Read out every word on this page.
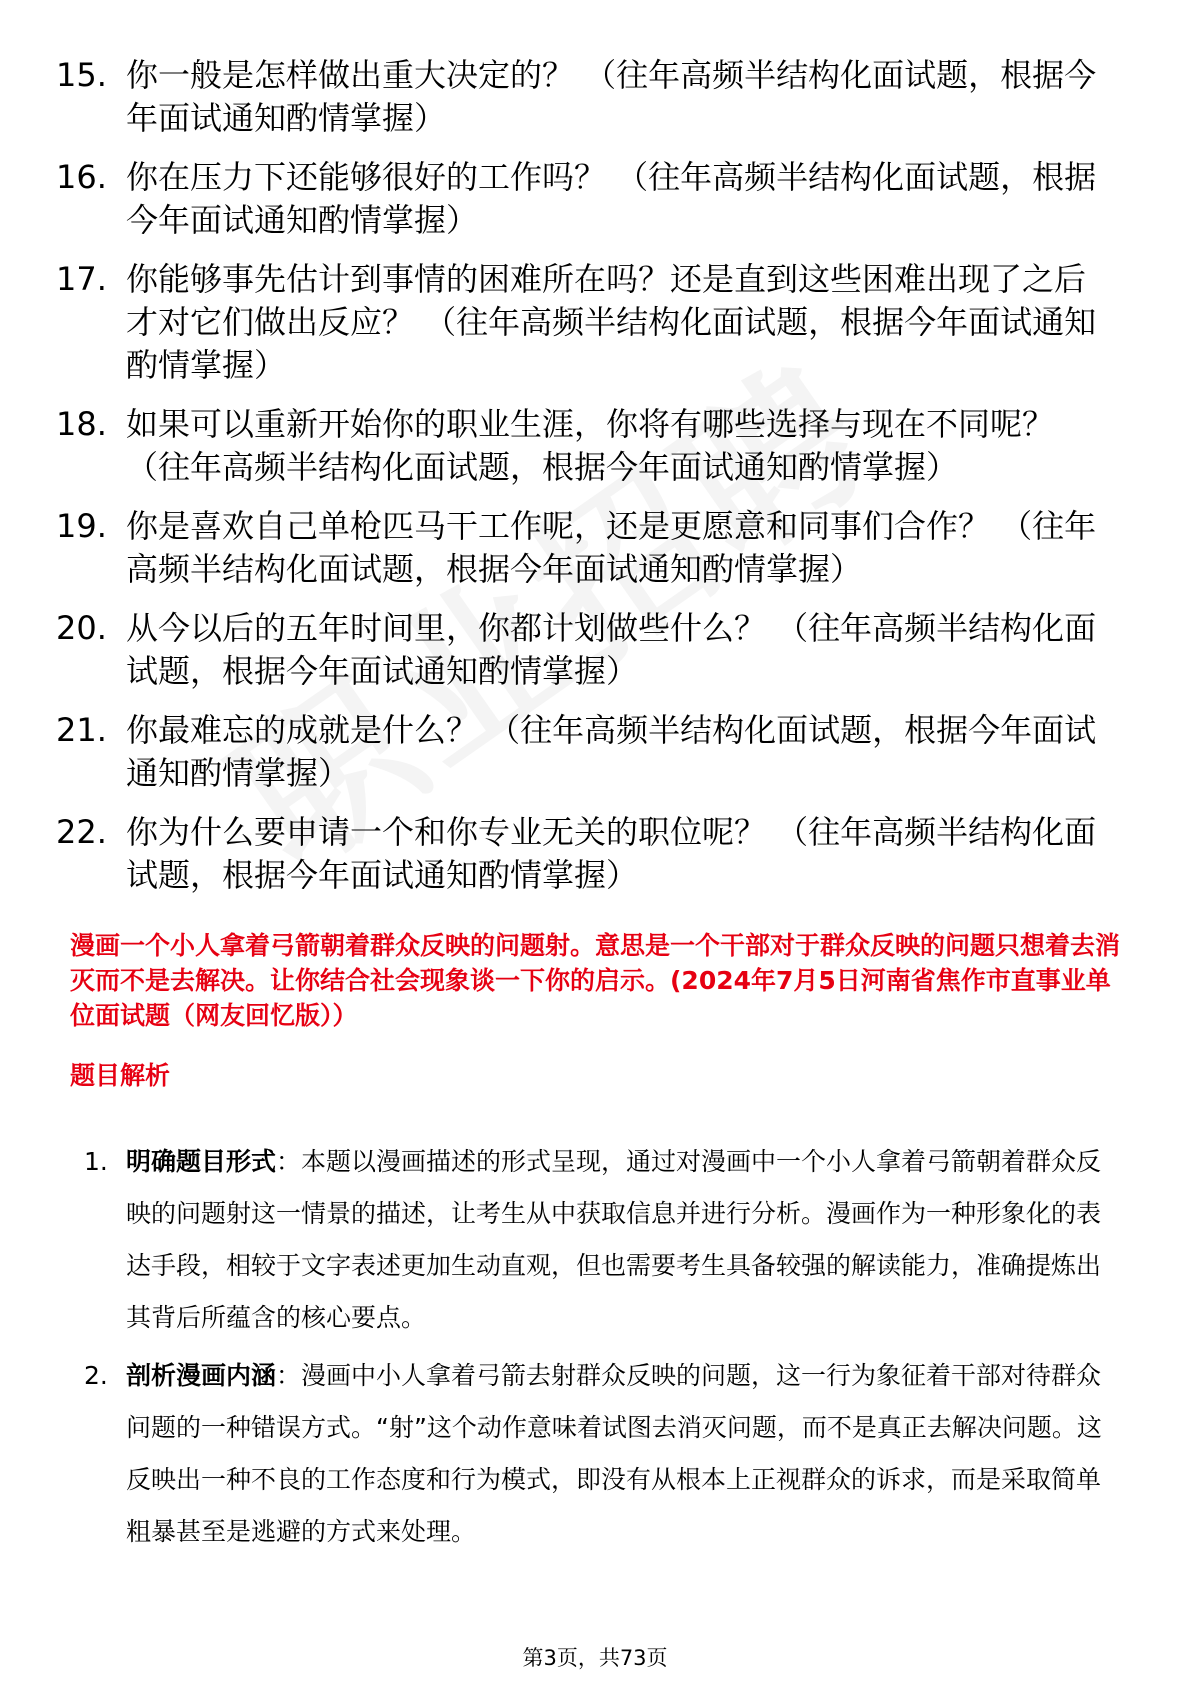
15. 你一般是怎样做出重大决定的？ （往年高频半结构化面试题，根据今年面试通知酌情掌握）
16. 你在压力下还能够很好的工作吗？ （往年高频半结构化面试题，根据今年面试通知酌情掌握）
17. 你能够事先估计到事情的困难所在吗？还是直到这些困难出现了之后才对它们做出反应？ （往年高频半结构化面试题，根据今年面试通知酌情掌握）
18. 如果可以重新开始你的职业生涯，你将有哪些选择与现在不同呢？ （往年高频半结构化面试题，根据今年面试通知酌情掌握）
19. 你是喜欢自己单枪匹马干工作呢，还是更愿意和同事们合作？ （往年高频半结构化面试题，根据今年面试通知酌情掌握）
20. 从今以后的五年时间里，你都计划做些什么？ （往年高频半结构化面试题，根据今年面试通知酌情掌握）
21. 你最难忘的成就是什么？ （往年高频半结构化面试题，根据今年面试通知酌情掌握）
22. 你为什么要申请一个和你专业无关的职位呢？ （往年高频半结构化面试题，根据今年面试通知酌情掌握）
漫画一个小人拿着弓箭朝着群众反映的问题射。意思是一个干部对于群众反映的问题只想着去消灭而不是去解决。让你结合社会现象谈一下你的启示。(2024年7月5日河南省焦作市直事业单位面试题（网友回忆版））
题目解析
1. 明确题目形式：本题以漫画描述的形式呈现，通过对漫画中一个小人拿着弓箭朝着群众反映的问题射这一情景的描述，让考生从中获取信息并进行分析。漫画作为一种形象化的表达手段，相较于文字表述更加生动直观，但也需要考生具备较强的解读能力，准确提炼出其背后所蕴含的核心要点。
2. 剖析漫画内涵：漫画中小人拿着弓箭去射群众反映的问题，这一行为象征着干部对待群众问题的一种错误方式。“射”这个动作意味着试图去消灭问题，而不是真正去解决问题。这反映出一种不良的工作态度和行为模式，即没有从根本上正视群众的诉求，而是采取简单粗暴甚至是逃避的方式来处理。
第3页，共73页
